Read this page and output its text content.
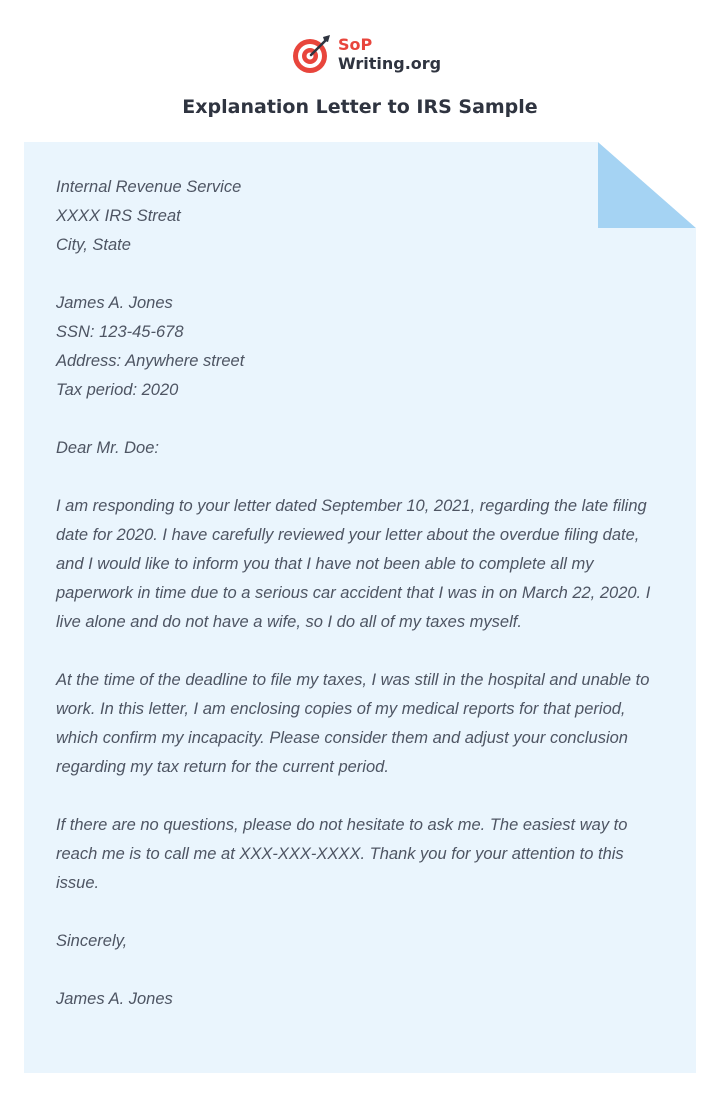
SoP
Writing.org
Explanation Letter to IRS Sample

Internal Revenue Service
XXXX IRS Streat
City, State

James A. Jones
SSN: 123-45-678
Address: Anywhere street
Tax period: 2020

Dear Mr. Doe:

I am responding to your letter dated September 10, 2021, regarding the late filing date for 2020. I have carefully reviewed your letter about the overdue filing date, and I would like to inform you that I have not been able to complete all my paperwork in time due to a serious car accident that I was in on March 22, 2020. I live alone and do not have a wife, so I do all of my taxes myself.

At the time of the deadline to file my taxes, I was still in the hospital and unable to work. In this letter, I am enclosing copies of my medical reports for that period, which confirm my incapacity. Please consider them and adjust your conclusion regarding my tax return for the current period.

If there are no questions, please do not hesitate to ask me. The easiest way to reach me is to call me at XXX-XXX-XXXX. Thank you for your attention to this issue.

Sincerely,

James A. Jones
